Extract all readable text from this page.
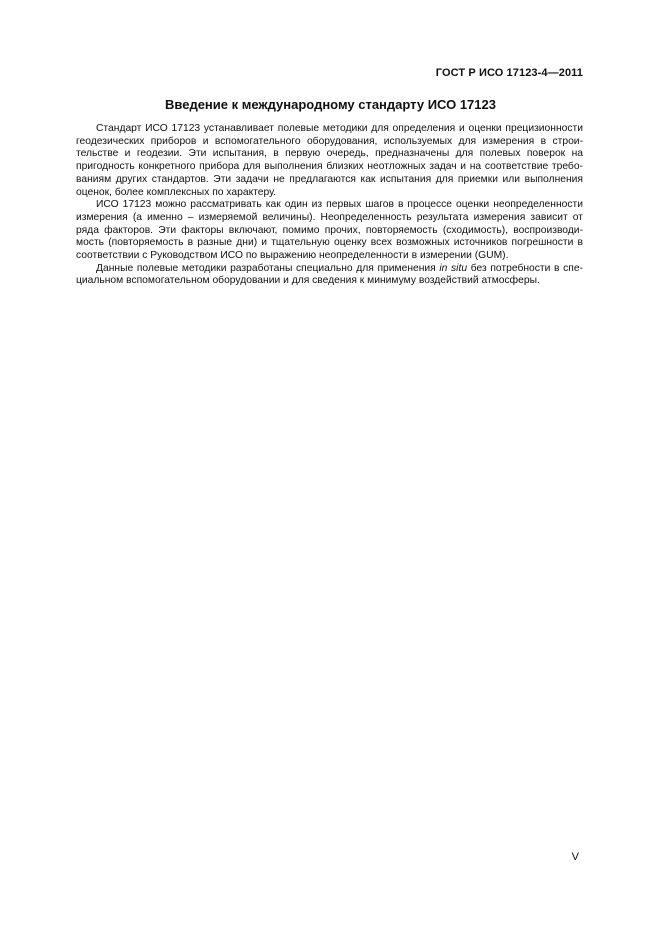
ГОСТ Р ИСО 17123-4—2011
Введение к международному стандарту ИСО 17123

Стандарт ИСО 17123 устанавливает полевые методики для определения и оценки прецизионности геодезических приборов и вспомогательного оборудования, используемых для измерения в строительстве и геодезии. Эти испытания, в первую очередь, предназначены для полевых поверок на пригодность конкретного прибора для выполнения близких неотложных задач и на соответствие требованиям других стандартов. Эти задачи не предлагаются как испытания для приемки или выполнения оценок, более комплексных по характеру.

ИСО 17123 можно рассматривать как один из первых шагов в процессе оценки неопределенности измерения (а именно – измеряемой величины). Неопределенность результата измерения зависит от ряда факторов. Эти факторы включают, помимо прочих, повторяемость (сходимость), воспроизводимость (повторяемость в разные дни) и тщательную оценку всех возможных источников погрешности в соответствии с Руководством ИСО по выражению неопределенности в измерении (GUM).

Данные полевые методики разработаны специально для применения in situ без потребности в специальном вспомогательном оборудовании и для сведения к минимуму воздействий атмосферы.

V
